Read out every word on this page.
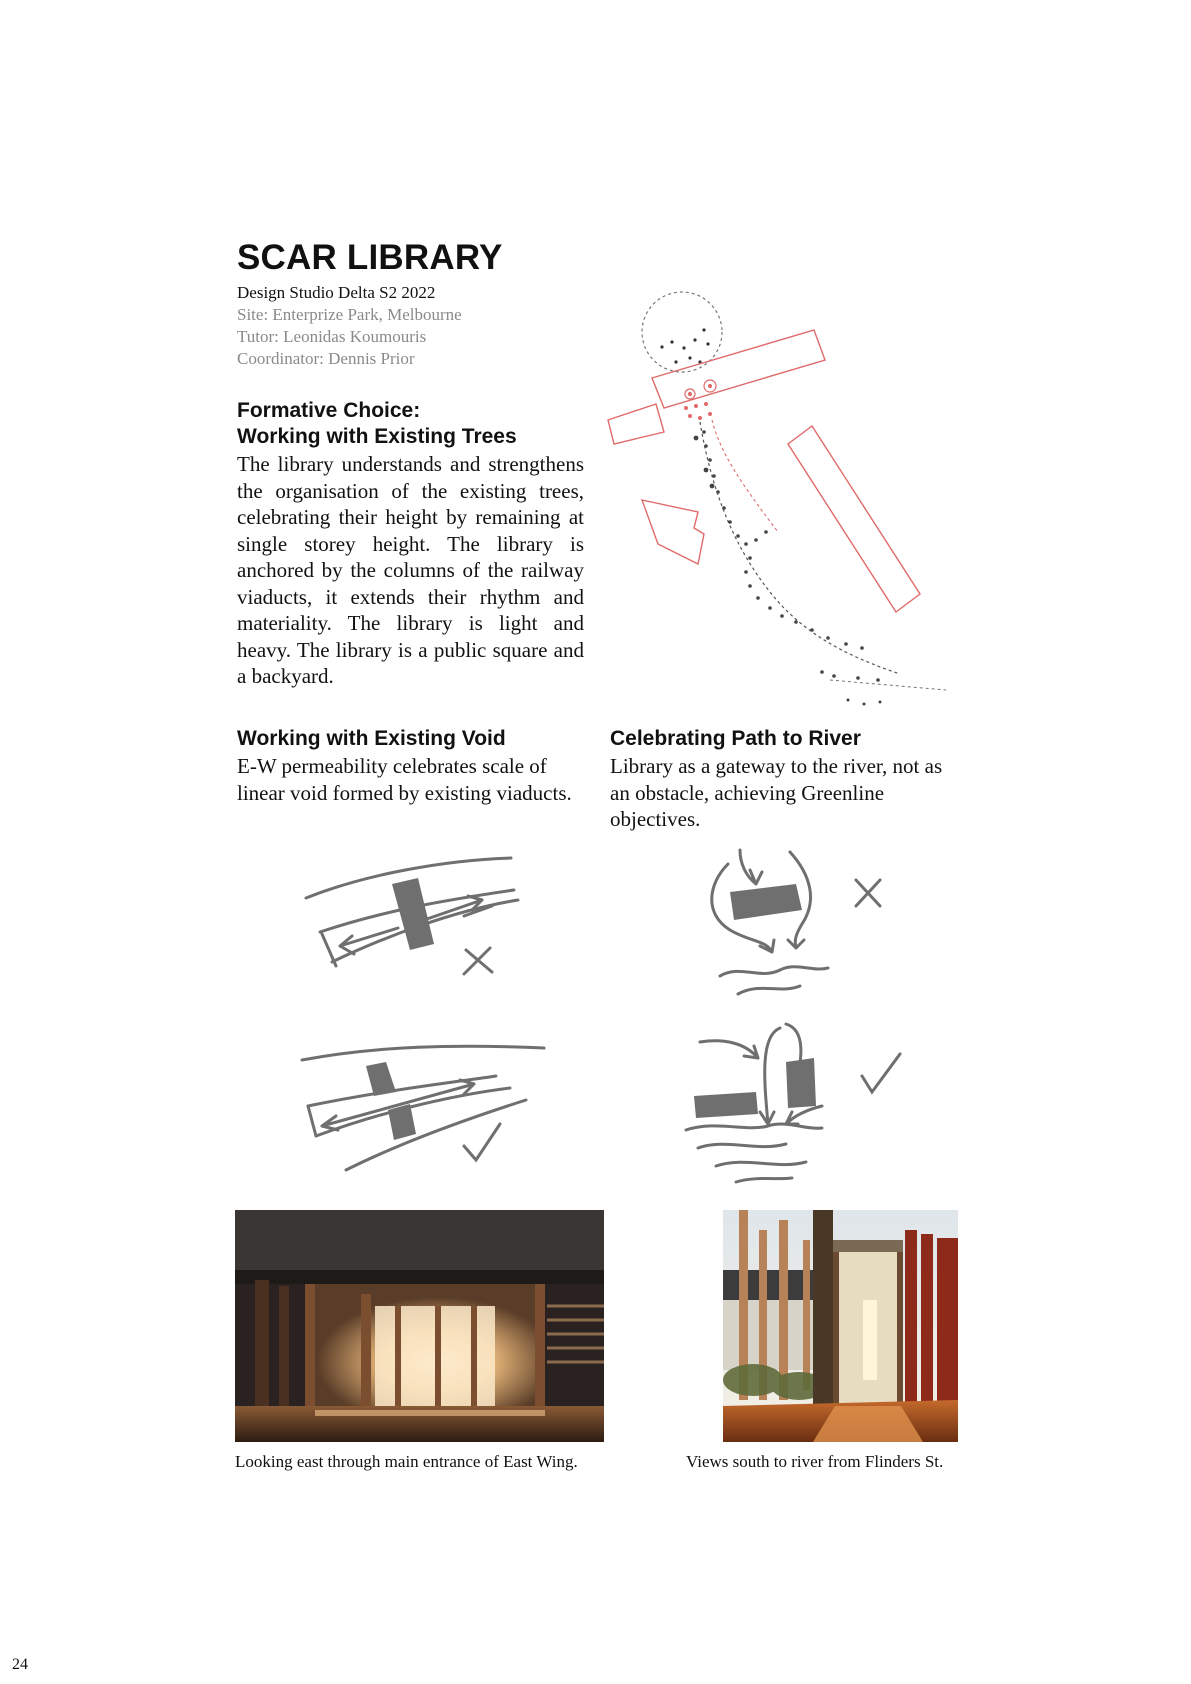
SCAR LIBRARY
Design Studio Delta S2 2022
Site: Enterprize Park, Melbourne
Tutor: Leonidas Koumouris
Coordinator: Dennis Prior
Formative Choice:
Working with Existing Trees
The library understands and strengthens the organisation of the existing trees, celebrating their height by remaining at single storey height. The library is anchored by the columns of the railway viaducts, it extends their rhythm and materiality. The library is light and heavy. The library is a public square and a backyard.
Working with Existing Void
E-W permeability celebrates scale of linear void formed by existing viaducts.
Celebrating Path to River
Library as a gateway to the river, not as an obstacle, achieving Greenline objectives.
Looking east through main entrance of East Wing.	Views south to river from Flinders St.
24
